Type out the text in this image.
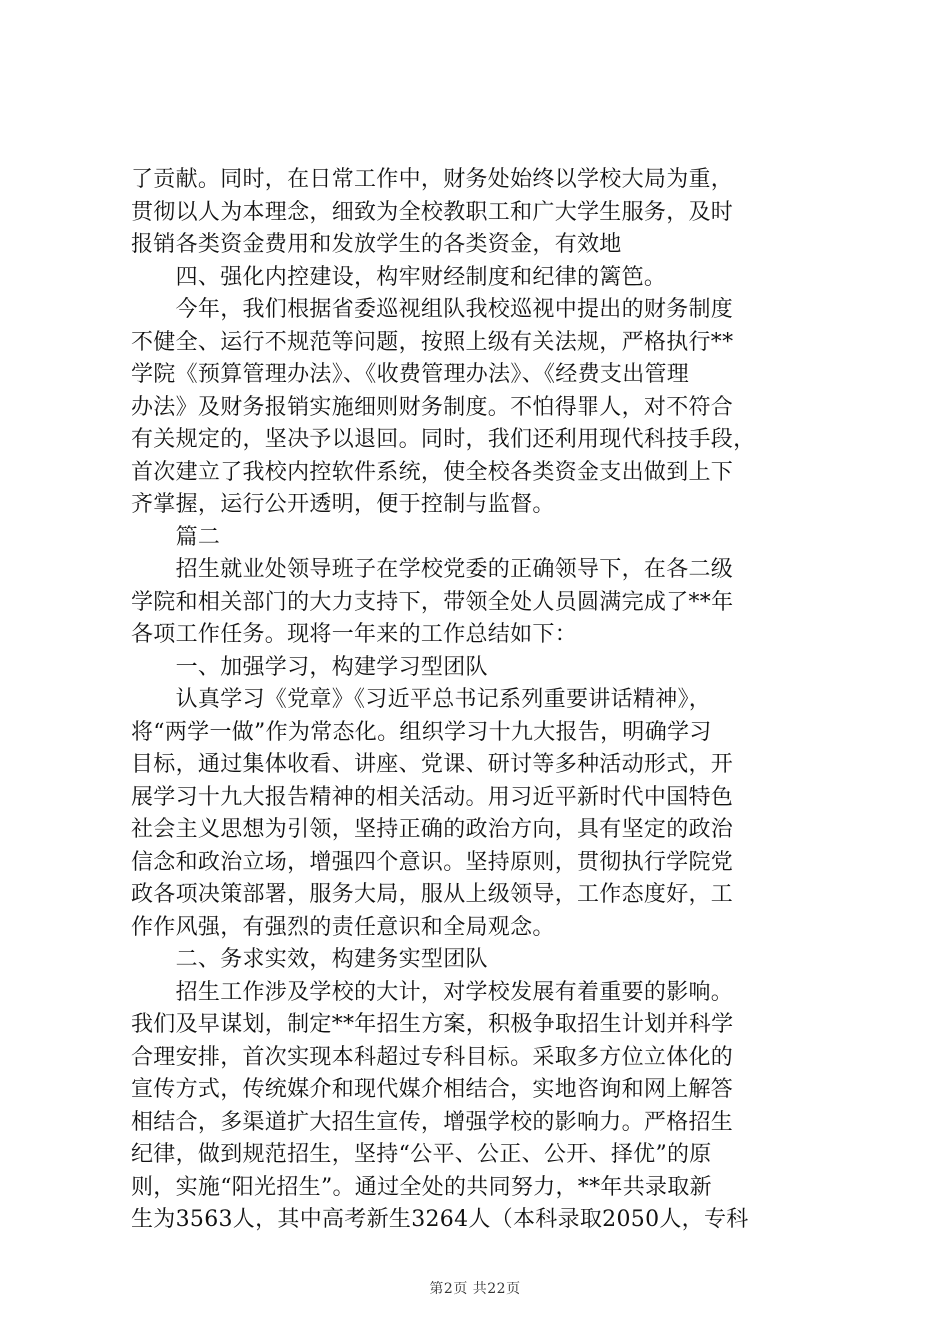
了贡献。同时，在日常工作中，财务处始终以学校大局为重，
贯彻以人为本理念，细致为全校教职工和广大学生服务，及时
报销各类资金费用和发放学生的各类资金，有效地
　　四、强化内控建设，构牢财经制度和纪律的篱笆。
　　今年，我们根据省委巡视组队我校巡视中提出的财务制度
不健全、运行不规范等问题，按照上级有关法规，严格执行**
学院《预算管理办法》、《收费管理办法》、《经费支出管理
办法》及财务报销实施细则财务制度。不怕得罪人，对不符合
有关规定的，坚决予以退回。同时，我们还利用现代科技手段，
首次建立了我校内控软件系统，使全校各类资金支出做到上下
齐掌握，运行公开透明，便于控制与监督。
　　篇二
　　招生就业处领导班子在学校党委的正确领导下，在各二级
学院和相关部门的大力支持下，带领全处人员圆满完成了**年
各项工作任务。现将一年来的工作总结如下：
　　一、加强学习，构建学习型团队
　　认真学习《党章》《习近平总书记系列重要讲话精神》，
将“两学一做”作为常态化。组织学习十九大报告，明确学习
目标，通过集体收看、讲座、党课、研讨等多种活动形式，开
展学习十九大报告精神的相关活动。用习近平新时代中国特色
社会主义思想为引领，坚持正确的政治方向，具有坚定的政治
信念和政治立场，增强四个意识。坚持原则，贯彻执行学院党
政各项决策部署，服务大局，服从上级领导，工作态度好，工
作作风强，有强烈的责任意识和全局观念。
　　二、务求实效，构建务实型团队
　　招生工作涉及学校的大计，对学校发展有着重要的影响。
我们及早谋划，制定**年招生方案，积极争取招生计划并科学
合理安排，首次实现本科超过专科目标。采取多方位立体化的
宣传方式，传统媒介和现代媒介相结合，实地咨询和网上解答
相结合，多渠道扩大招生宣传，增强学校的影响力。严格招生
纪律，做到规范招生，坚持“公平、公正、公开、择优”的原
则，实施“阳光招生”。通过全处的共同努力，**年共录取新
生为3563人，其中高考新生3264人（本科录取2050人，专科
第2页 共22页
